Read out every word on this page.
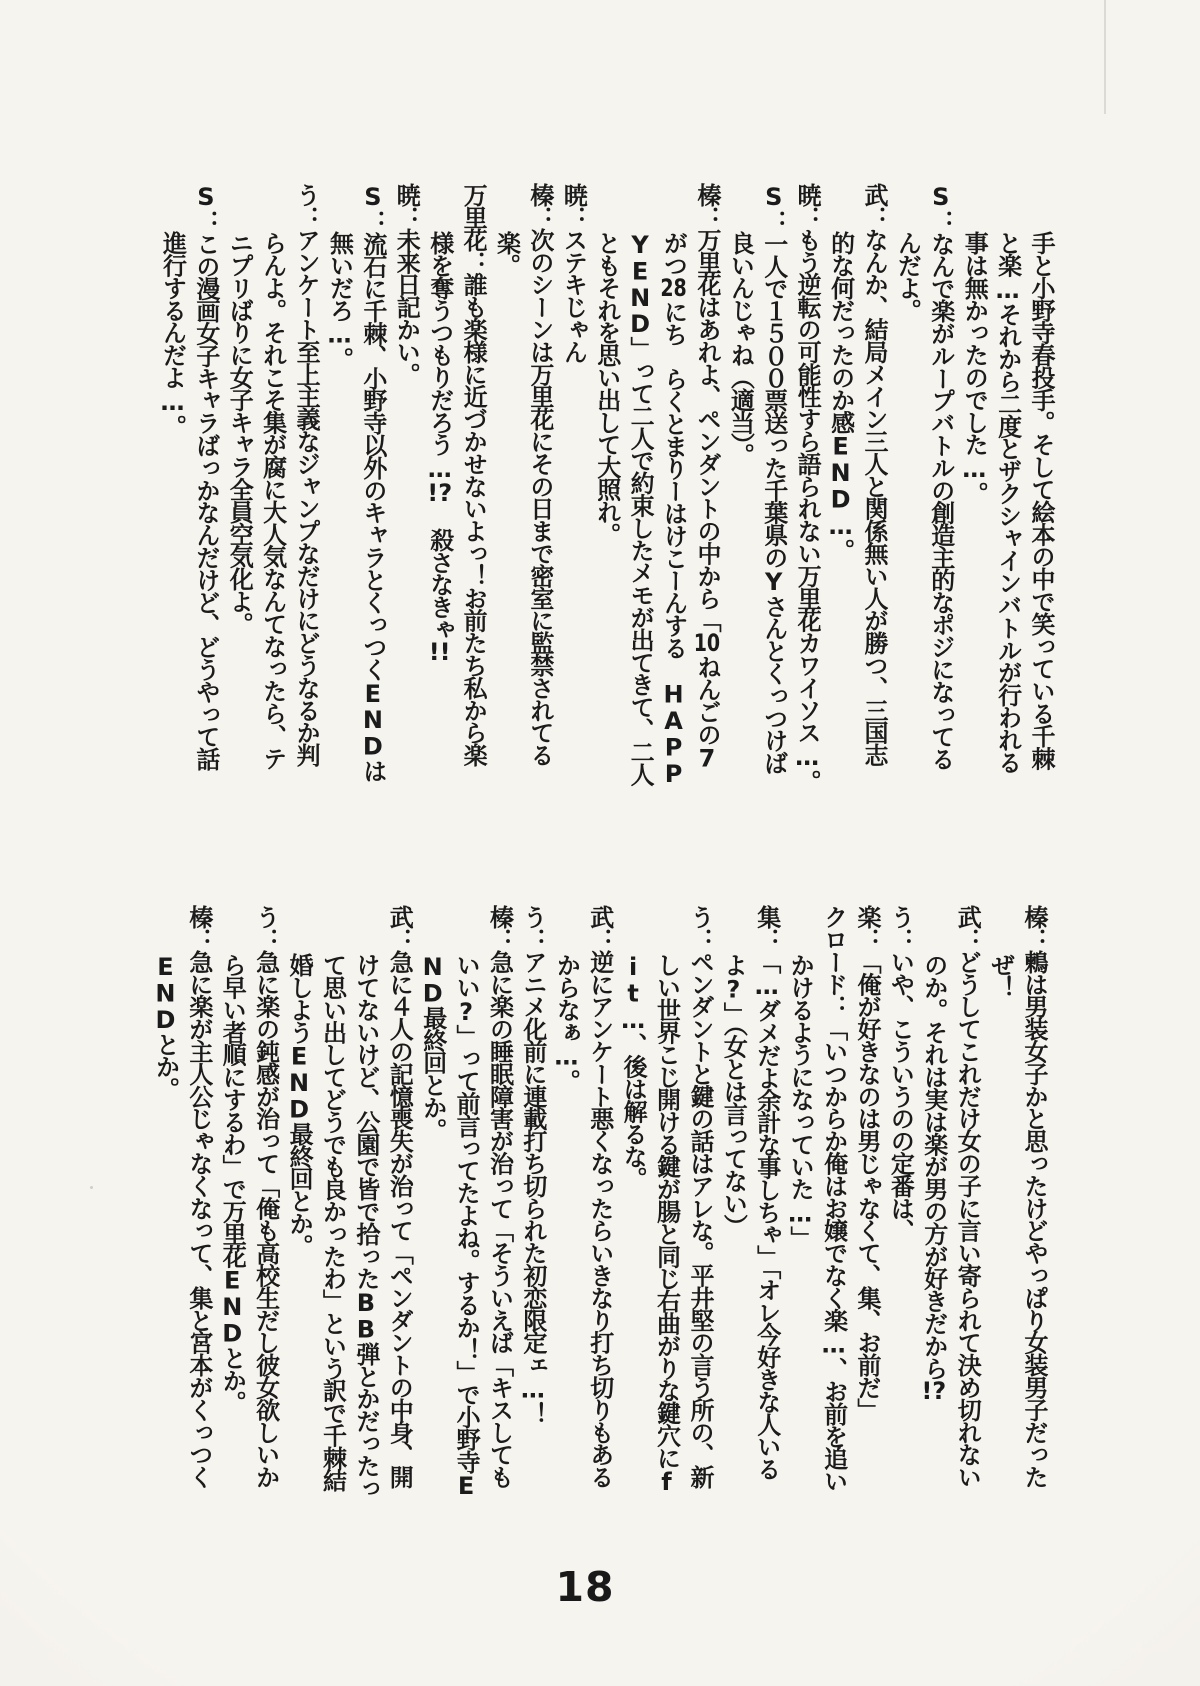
手と小野寺春投手。そして絵本の中で笑っている千棘
と楽…それから二度とザクシャインバトルが行われる
事は無かったのでした…。
S：なんで楽がループバトルの創造主的なポジになってる
んだよ。
武：なんか、結局メイン三人と関係無い人が勝つ、三国志
的な何だったのか感END…。
暁：もう逆転の可能性すら語られない万里花カワイソス…。
S：一人で１５００票送った千葉県のYさんとくっつけば
良いんじゃね（適当）。
榛：万里花はあれよ、ペンダントの中から「10ねんごの7
がつ28にち　らくとまりーはけこーんする　HAPP
YEND」って二人で約束したメモが出てきて、二人
ともそれを思い出して大照れ。
暁：ステキじゃん
榛：次のシーンは万里花にその日まで密室に監禁されてる
楽。
万里花：誰も楽様に近づかせないよっ！お前たち私から楽
様を奪うつもりだろう…!?　殺さなきゃ!!
暁：未来日記かい。
S：流石に千棘、小野寺以外のキャラとくっつくENDは
無いだろ…。
う：アンケート至上主義なジャンプなだけにどうなるか判
らんよ。それこそ集が腐に大人気なんてなったら、テ
ニプリばりに女子キャラ全員空気化よ。
S：この漫画女子キャラばっかなんだけど、どうやって話
進行するんだよ…。
榛：鶫は男装女子かと思ったけどやっぱり女装男子だった
ぜ！
武：どうしてこれだけ女の子に言い寄られて決め切れない
のか。それは実は楽が男の方が好きだから!?
う：いや、こういうのの定番は、
楽：「俺が好きなのは男じゃなくて、集、お前だ」
クロード：「いつからか俺はお嬢でなく楽…、お前を追い
かけるようになっていた…」
集：「…ダメだよ余計な事しちゃ」「オレ今好きな人いる
よ?」（女とは言ってない）
う：ペンダントと鍵の話はアレな。平井堅の言う所の、新
しい世界こじ開ける鍵が腸と同じ右曲がりな鍵穴にf
it…、後は解るな。
武：逆にアンケート悪くなったらいきなり打ち切りもある
からなぁ…。
う：アニメ化前に連載打ち切られた初恋限定ェ…！
榛：急に楽の睡眠障害が治って「そういえば「キスしても
いい?」って前言ってたよね。するか！」で小野寺E
ND最終回とか。
武：急に４人の記憶喪失が治って「ペンダントの中身、開
けてないけど、公園で皆で拾ったBB弾とかだったっ
て思い出してどうでも良かったわ」という訳で千棘結
婚しようEND最終回とか。
う：急に楽の鈍感が治って「俺も高校生だし彼女欲しいか
ら早い者順にするわ」で万里花ENDとか。
榛：急に楽が主人公じゃなくなって、集と宮本がくっつく
ENDとか。
18
